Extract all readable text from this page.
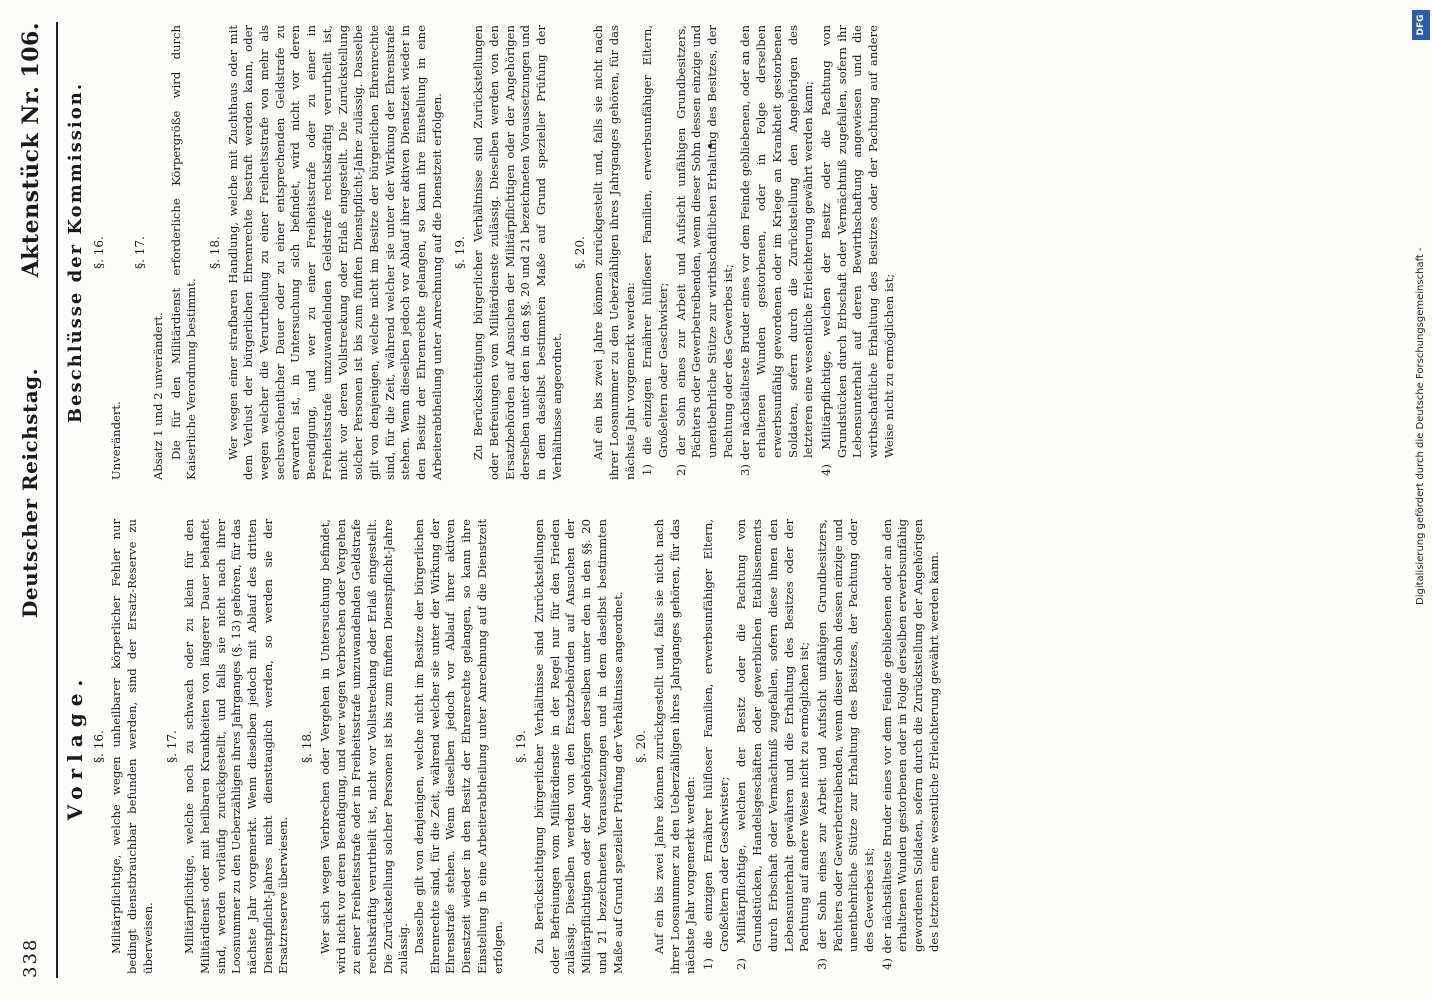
338
Deutscher Reichstag.
Aktenstück Nr. 106.
Vorlage. §. 16. Militärpflichtige, welche wegen unheilbarer körperlicher Fehler nur bedingt dienstbrauchbar befunden werden, sind der Ersatz-Reserve zu überweisen.

§. 17. Militärpflichtige, welche noch zu schwach oder zu klein für den Militärdienst oder mit heilbaren Krankheiten von längerer Dauer behaftet sind, werden vorläufig zurückgestellt, und falls sie nicht nach ihrer Loosnummer zu den Ueberzähligen ihres Jahrganges (§. 13) gehören, für das nächste Jahr vorgemerkt. Wenn dieselben jedoch mit Ablauf des dritten Dienstpflicht-Jahres nicht diensttauglich werden, so werden sie der Ersatzreserve überwiesen.

§. 18. Wer sich wegen Verbrechen oder Vergehen in Untersuchung befindet, wird nicht vor deren Beendigung, und wer wegen Verbrechen oder Vergehen zu einer Freiheitsstrafe oder in Freiheitsstrafe umzuwandelnden Geldstrafe rechtskräftig verurtheilt ist, nicht vor Vollstreckung oder Erlaß eingestellt. Die Zurückstellung solcher Personen ist bis zum fünften Dienstpflicht-Jahre zulässig. Dasselbe gilt von denjenigen, welche nicht im Besitze der bürgerlichen Ehrenrechte sind, für die Zeit, während welcher sie unter der Wirkung der Ehrenstrafe stehen. Wenn dieselben jedoch vor Ablauf ihrer aktiven Dienstzeit wieder in den Besitz der Ehrenrechte gelangen, so kann ihre Einstellung in eine Arbeiterabtheilung unter Anrechnung auf die Dienstzeit erfolgen.

§. 19. Zu Berücksichtigung bürgerlicher Verhältnisse sind Zurückstellungen oder Befreiungen vom Militärdienste in der Regel nur für den Frieden zulässig. Dieselben werden von den Ersatzbehörden auf Ansuchen der Militärpflichtigen oder der Angehörigen derselben unter den in den §§. 20 und 21 bezeichneten Voraussetzungen und in dem daselbst bestimmten Maße auf Grund spezieller Prüfung der Verhältnisse angeordnet. §. 20. Auf ein bis zwei Jahre können zurückgestellt und, falls sie nicht nach ihrer Loosnummer zu den Ueberzähligen ihres Jahrganges gehören, für das nächste Jahr vorgemerkt werden: 1) die einzigen Ernährer hülfloser Familien, erwerbsunfähiger Eltern, Großeltern oder Geschwister; 2) Militärpflichtige, welchen der Besitz oder die Pachtung von Grundstücken, Handelsgeschäften oder gewerblichen Etablissements durch Erbschaft oder Vermächtniß zugefallen, sofern diese ihnen den Lebensunterhalt gewähren und die Erhaltung des Besitzes oder der Pachtung auf andere Weise nicht zu ermöglichen ist; 3) der Sohn eines zur Arbeit und Aufsicht unfähigen Grundbesitzers, Pächters oder Gewerbetreibenden, wenn dieser Sohn dessen einzige und unentbehrliche Stütze zur Erhaltung des Besitzes, der Pachtung oder des Gewerbes ist; 4) der nächstälteste Bruder eines vor dem Feinde gebliebenen oder an den erhaltenen Wunden gestorbenen oder in Folge derselben erwerbsunfähig gewordenen Soldaten, sofern durch die Zurückstellung der Angehörigen des letzteren eine wesentliche Erleichterung gewährt werden kann.

Beschlüsse der Kommission. §. 16.

Unverändert.

§. 17.

Absatz 1 und 2 unverändert. Die für den Militärdienst erforderliche Körpergröße wird durch Kaiserliche Verordnung bestimmt.

§. 18. Wer wegen einer strafbaren Handlung, welche mit Zuchthaus oder mit dem Verlust der bürgerlichen Ehrenrechte bestraft werden kann, oder wegen welcher die Verurtheilung zu einer Freiheitsstrafe von mehr als sechswöchentlicher Dauer oder zu einer entsprechenden Geldstrafe zu erwarten ist, in Untersuchung sich befindet, wird nicht vor deren Beendigung, und wer zu einer Freiheitsstrafe oder zu einer in Freiheitsstrafe umzuwandelnden Geldstrafe rechtskräftig verurtheilt ist, nicht vor deren Vollstreckung oder Erlaß eingestellt. Die Zurückstellung solcher Personen ist bis zum fünften Dienstpflicht-Jahre zulässig. Dasselbe gilt von denjenigen, welche nicht im Besitze der bürgerlichen Ehrenrechte sind, für die Zeit, während welcher sie unter der Wirkung der Ehrenstrafe stehen. Wenn dieselben jedoch vor Ablauf ihrer aktiven Dienstzeit wieder in den Besitz der Ehrenrechte gelangen, so kann ihre Einstellung in eine Arbeiterabtheilung unter Anrechnung auf die Dienstzeit erfolgen. §. 19. Zu Berücksichtigung bürgerlicher Verhältnisse sind Zurückstellungen oder Befreiungen vom Militärdienste zulässig. Dieselben werden von den Ersatzbehörden auf Ansuchen der Militärpflichtigen oder der Angehörigen derselben unter den in den §§. 20 und 21 bezeichneten Voraussetzungen und in dem daselbst bestimmten Maße auf Grund spezieller Prüfung der Verhältnisse angeordnet.

§. 20. Auf ein bis zwei Jahre können zurückgestellt und, falls sie nicht nach ihrer Loosnummer zu den Ueberzähligen ihres Jahrganges gehören, für das nächste Jahr vorgemerkt werden: 1) die einzigen Ernährer hülfloser Familien, erwerbsunfähiger Eltern, Großeltern oder Geschwister; 2) der Sohn eines zur Arbeit und Aufsicht unfähigen Grundbesitzers, Pächters oder Gewerbetreibenden, wenn dieser Sohn dessen einzige und unentbehrliche Stütze zur wirthschaftlichen Erhaltung des Besitzes, der Pachtung oder des Gewerbes ist; 3) der nächstälteste Bruder eines vor dem Feinde gebliebenen, oder an den erhaltenen Wunden gestorbenen, oder in Folge derselben erwerbsunfähig gewordenen oder im Kriege an Krankheit gestorbenen Soldaten, sofern durch die Zurückstellung den Angehörigen des letzteren eine wesentliche Erleichterung gewährt werden kann; 4) Militärpflichtige, welchen der Besitz oder die Pachtung von Grundstücken durch Erbschaft oder Vermächtniß zugefallen, sofern ihr Lebensunterhalt auf deren Bewirthschaftung angewiesen und die wirthschaftliche Erhaltung des Besitzes oder der Pachtung auf andere Weise nicht zu ermöglichen ist;	Digitalisierung gefördert durch die Deutsche Forschungsgemeinschaft -
DFG
